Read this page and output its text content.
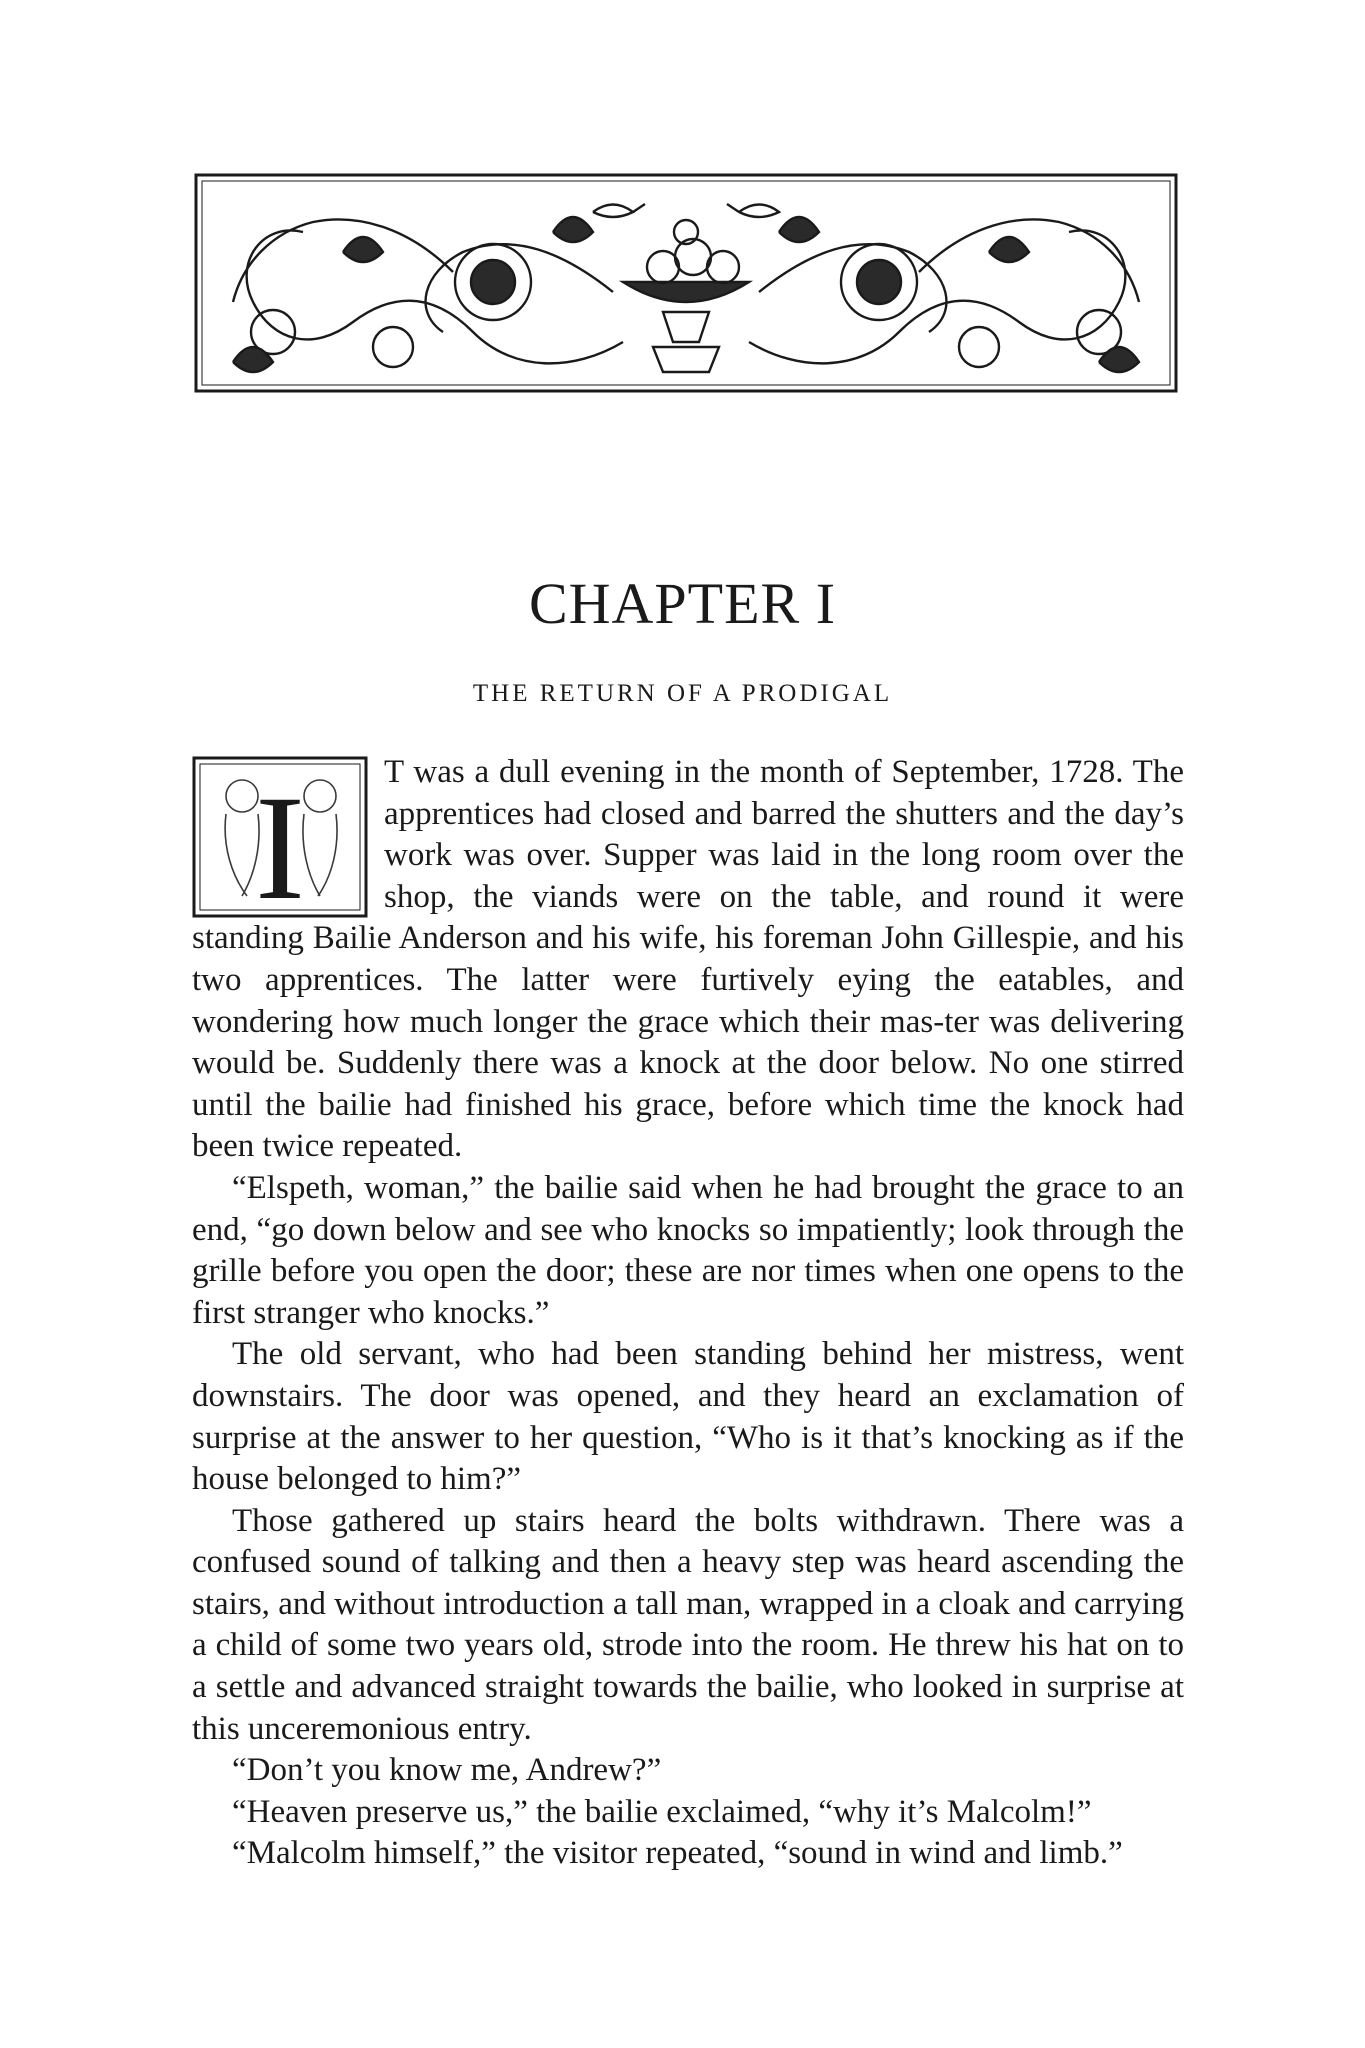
CHAPTER I
THE RETURN OF A PRODIGAL
I	T was a dull evening in the month of September, 1728. The apprentices had closed and barred the shutters and the day’s work was over. Supper was laid in the long room over the shop, the viands were on the table, and round it were standing Bailie Anderson and his wife, his foreman John Gillespie, and his two apprentices. The latter were furtively eying the eatables, and wondering how much longer the grace which their mas-ter was delivering would be. Suddenly there was a knock at the door below. No one stirred until the bailie had finished his grace, before which time the knock had been twice repeated.

“Elspeth, woman,” the bailie said when he had brought the grace to an end, “go down below and see who knocks so impatiently; look through the grille before you open the door; these are nor times when one opens to the first stranger who knocks.”

The old servant, who had been standing behind her mistress, went downstairs. The door was opened, and they heard an exclamation of surprise at the answer to her question, “Who is it that’s knocking as if the house belonged to him?”

Those gathered up stairs heard the bolts withdrawn. There was a confused sound of talking and then a heavy step was heard ascending the stairs, and without introduction a tall man, wrapped in a cloak and carrying a child of some two years old, strode into the room. He threw his hat on to a settle and advanced straight towards the bailie, who looked in surprise at this unceremonious entry.

“Don’t you know me, Andrew?”

“Heaven preserve us,” the bailie exclaimed, “why it’s Malcolm!”

“Malcolm himself,” the visitor repeated, “sound in wind and limb.”
